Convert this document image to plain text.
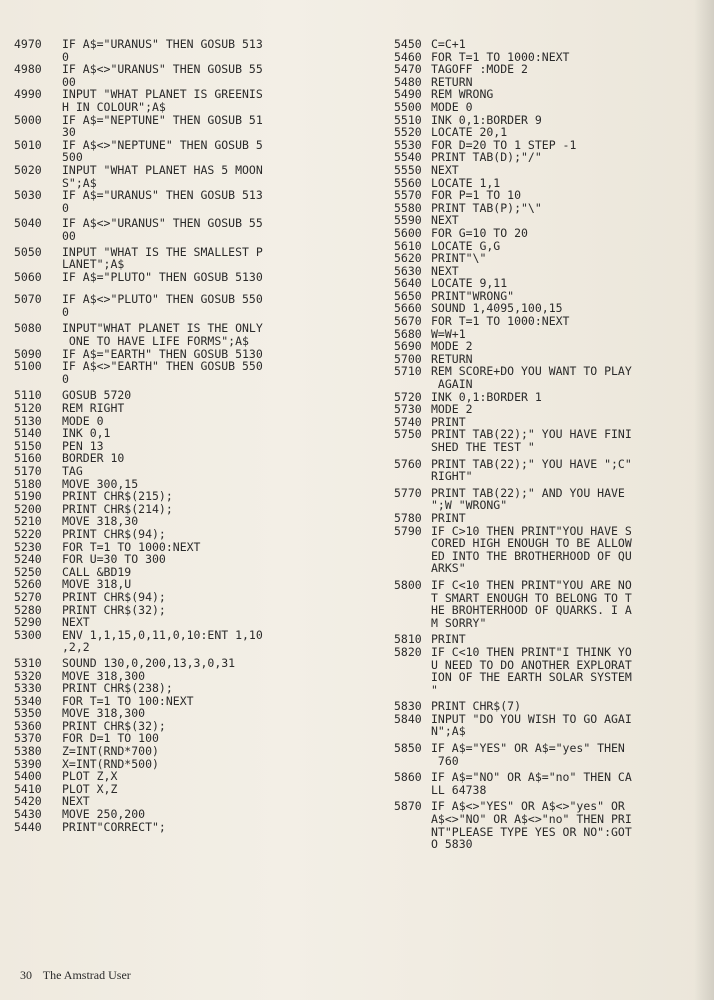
4970	IF A$="URANUS" THEN GOSUB 513
0
4980	IF A$<>"URANUS" THEN GOSUB 55
00
4990	INPUT "WHAT PLANET IS GREENIS
H IN COLOUR";A$
5000	IF A$="NEPTUNE" THEN GOSUB 51
30
5010	IF A$<>"NEPTUNE" THEN GOSUB 5
500
5020	INPUT "WHAT PLANET HAS 5 MOON
S";A$
5030	IF A$="URANUS" THEN GOSUB 513
0
5040	IF A$<>"URANUS" THEN GOSUB 55
00
5050	INPUT "WHAT IS THE SMALLEST P
LANET";A$
5060	IF A$="PLUTO" THEN GOSUB 5130
5070	IF A$<>"PLUTO" THEN GOSUB 550
0
5080	INPUT"WHAT PLANET IS THE ONLY
ONE TO HAVE LIFE FORMS";A$
5090	IF A$="EARTH" THEN GOSUB 5130
5100	IF A$<>"EARTH" THEN GOSUB 550
0
5110	GOSUB 5720
5120	REM RIGHT
5130	MODE 0
5140	INK 0,1
5150	PEN 13
5160	BORDER 10
5170	TAG
5180	MOVE 300,15
5190	PRINT CHR$(215);
5200	PRINT CHR$(214);
5210	MOVE 318,30
5220	PRINT CHR$(94);
5230	FOR T=1 TO 1000:NEXT
5240	FOR U=30 TO 300
5250	CALL &BD19
5260	MOVE 318,U
5270	PRINT CHR$(94);
5280	PRINT CHR$(32);
5290	NEXT
5300	ENV 1,1,15,0,11,0,10:ENT 1,10
,2,2
5310	SOUND 130,0,200,13,3,0,31
5320	MOVE 318,300
5330	PRINT CHR$(238);
5340	FOR T=1 TO 100:NEXT
5350	MOVE 318,300
5360	PRINT CHR$(32);
5370	FOR D=1 TO 100
5380	Z=INT(RND*700)
5390	X=INT(RND*500)
5400	PLOT Z,X
5410	PLOT X,Z
5420	NEXT
5430	MOVE 250,200
5440	PRINT"CORRECT";
5450 C=C+1
5460 FOR T=1 TO 1000:NEXT
5470 TAGOFF :MODE 2
5480 RETURN
5490 REM WRONG
5500 MODE 0
5510 INK 0,1:BORDER 9
5520 LOCATE 20,1
5530 FOR D=20 TO 1 STEP -1
5540 PRINT TAB(D);"/"
5550 NEXT
5560 LOCATE 1,1
5570 FOR P=1 TO 10
5580 PRINT TAB(P);"\"
5590 NEXT
5600 FOR G=10 TO 20
5610 LOCATE G,G
5620 PRINT"\"
5630 NEXT
5640 LOCATE 9,11
5650 PRINT"WRONG"
5660 SOUND 1,4095,100,15
5670 FOR T=1 TO 1000:NEXT
5680 W=W+1
5690 MODE 2
5700 RETURN
5710 REM SCORE+DO YOU WANT TO PLAY
AGAIN
5720 INK 0,1:BORDER 1
5730 MODE 2
5740 PRINT
5750 PRINT TAB(22);" YOU HAVE FINI
SHED THE TEST "
5760 PRINT TAB(22);" YOU HAVE ";C"
RIGHT"
5770 PRINT TAB(22);" AND YOU HAVE
";W "WRONG"
5780 PRINT
5790 IF C>10 THEN PRINT"YOU HAVE S
CORED HIGH ENOUGH TO BE ALLOW
ED INTO THE BROTHERHOOD OF QU
ARKS"
5800 IF C<10 THEN PRINT"YOU ARE NO
T SMART ENOUGH TO BELONG TO T
HE BROHTERHOOD OF QUARKS. I A
M SORRY"
5810 PRINT
5820 IF C<10 THEN PRINT"I THINK YO
U NEED TO DO ANOTHER EXPLORAT
ION OF THE EARTH SOLAR SYSTEM
"
5830 PRINT CHR$(7)
5840 INPUT "DO YOU WISH TO GO AGAI
N";A$
5850 IF A$="YES" OR A$="yes" THEN
760
5860 IF A$="NO" OR A$="no" THEN CA
LL 64738
5870 IF A$<>"YES" OR A$<>"yes" OR
A$<>"NO" OR A$<>"no" THEN PRI
NT"PLEASE TYPE YES OR NO":GOT
O 5830
30 The Amstrad User
